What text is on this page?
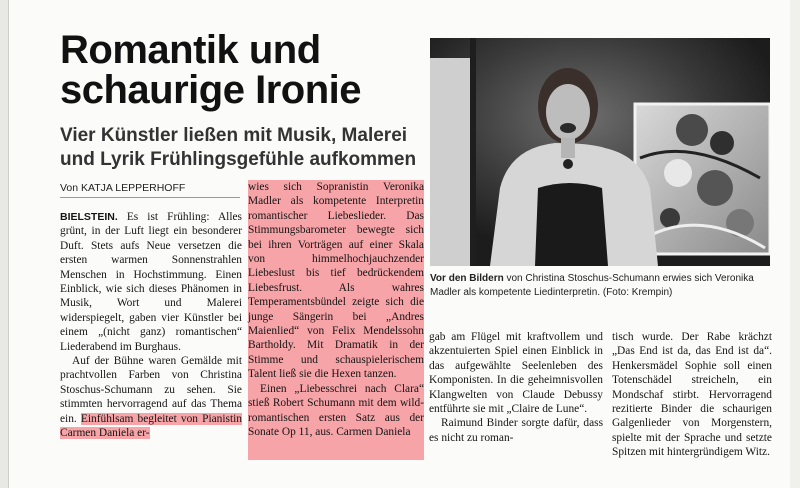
Romantik und schaurige Ironie
Vier Künstler ließen mit Musik, Malerei und Lyrik Frühlingsgefühle aufkommen
Von KATJA LEPPERHOFF

BIELSTEIN. Es ist Frühling: Alles grünt, in der Luft liegt ein besonderer Duft. Stets aufs Neue versetzen die ersten warmen Sonnenstrahlen Menschen in Hochstimmung. Einen Einblick, wie sich dieses Phänomen in Musik, Wort und Malerei widerspiegelt, gaben vier Künstler bei einem „(nicht ganz) romantischen“ Liederabend im Burghaus.

Auf der Bühne waren Gemälde mit prachtvollen Farben von Christina Stoschus-Schumann zu sehen. Sie stimmten hervorragend auf das Thema ein. Einfühlsam begleitet von Pianistin Carmen Daniela er-

wies sich Sopranistin Veronika Madler als kompetente Interpretin romantischer Liebeslieder. Das Stimmungsbarometer bewegte sich bei ihren Vorträgen auf einer Skala von himmelhochjauchzender Liebeslust bis tief bedrückendem Liebesfrust. Als wahres Temperamentsbündel zeigte sich die junge Sängerin bei „Andres Maienlied“ von Felix Mendelssohn Bartholdy. Mit Dramatik in der Stimme und schauspielerischem Talent ließ sie die Hexen tanzen.

Einen „Liebesschrei nach Clara“ stieß Robert Schumann mit dem wild-romantischen ersten Satz aus der Sonate Op 11, aus. Carmen Daniela

Vor den Bildern von Christina Stoschus-Schumann erwies sich Veronika Madler als kompetente Liedinterpretin. (Foto: Krempin)

gab am Flügel mit kraftvollem und akzentuierten Spiel einen Einblick in das aufgewählte Seelenleben des Komponisten. In die geheimnisvollen Klangwelten von Claude Debussy entführte sie mit „Claire de Lune“.

Raimund Binder sorgte dafür, dass es nicht zu roman-

tisch wurde. Der Rabe krächzt „Das End ist da, das End ist da“. Henkersmädel Sophie soll einen Totenschädel streicheln, ein Mondschaf stirbt. Hervorragend rezitierte Binder die schaurigen Galgenlieder von Morgenstern, spielte mit der Sprache und setzte Spitzen mit hintergründigem Witz.
